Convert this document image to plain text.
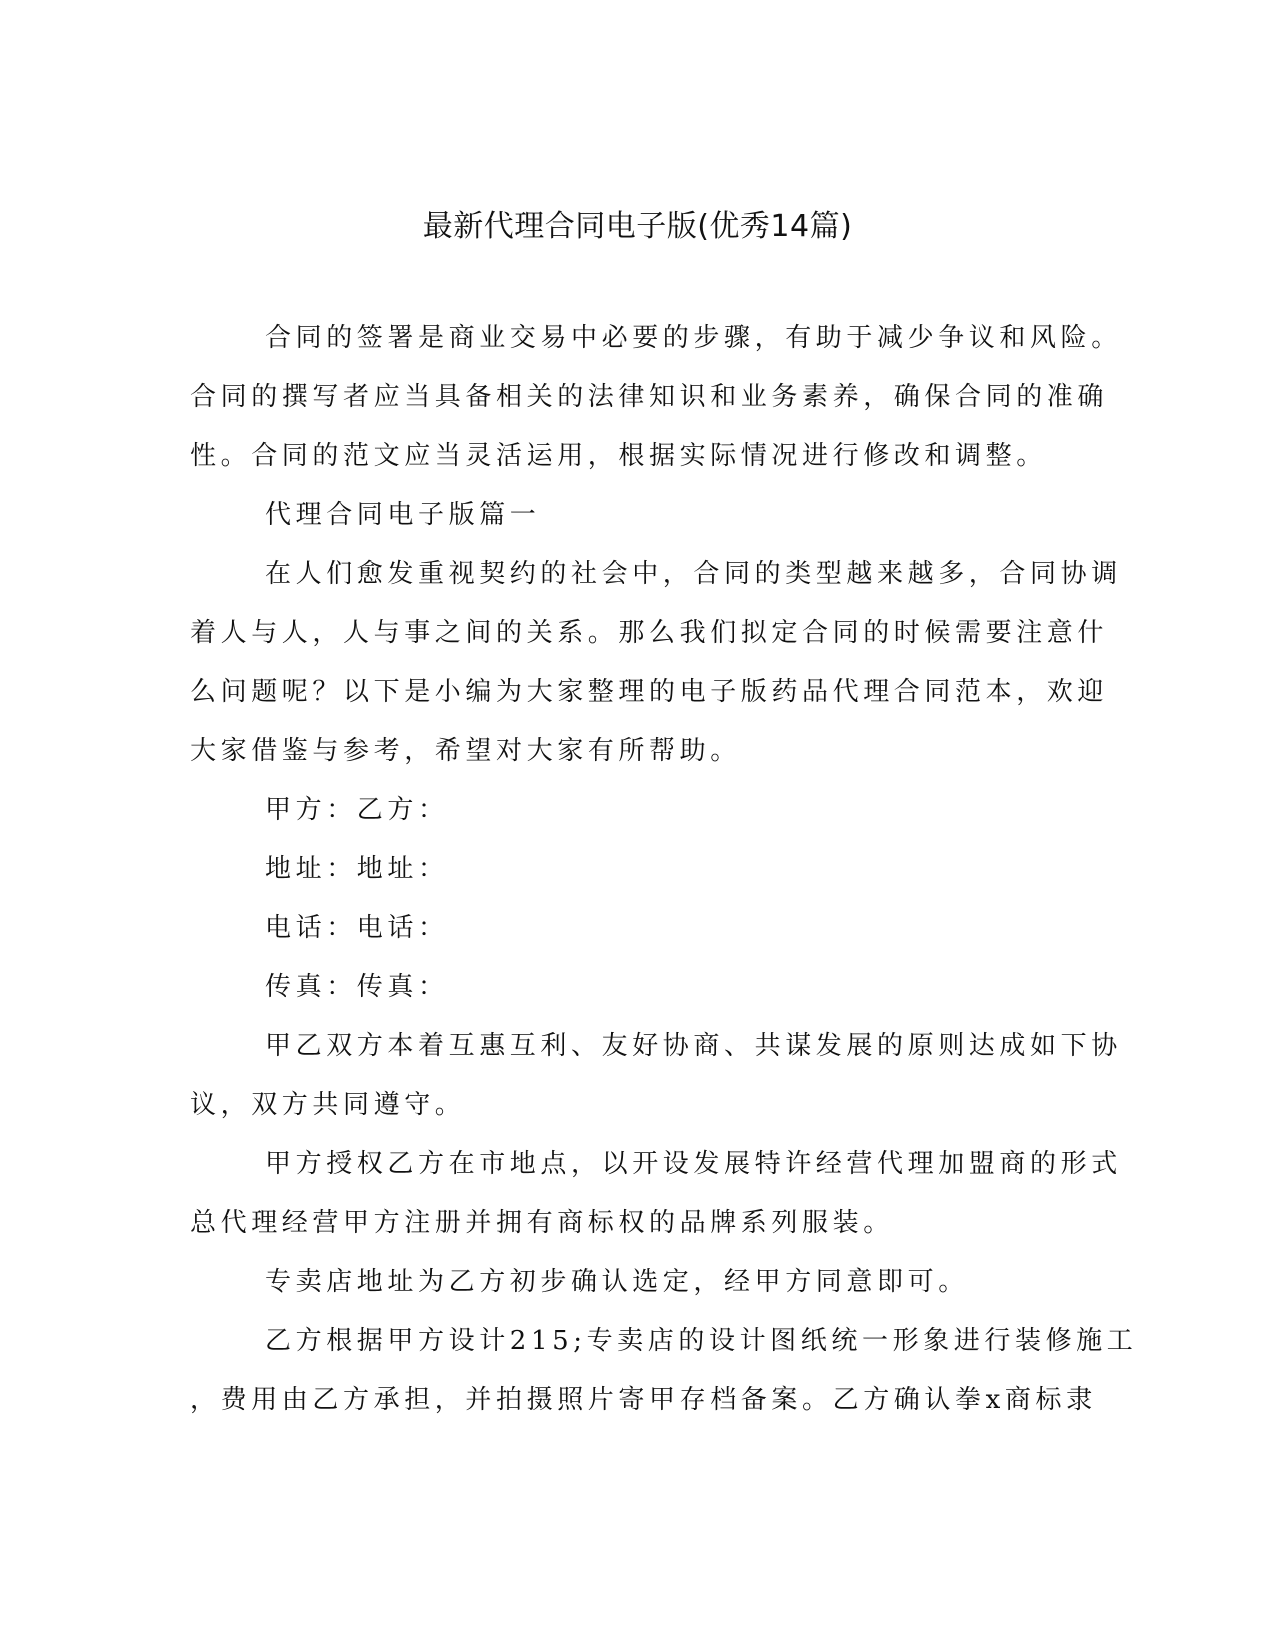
最新代理合同电子版(优秀14篇)
合同的签署是商业交易中必要的步骤，有助于减少争议和风险。
合同的撰写者应当具备相关的法律知识和业务素养，确保合同的准确
性。合同的范文应当灵活运用，根据实际情况进行修改和调整。
代理合同电子版篇一
在人们愈发重视契约的社会中，合同的类型越来越多，合同协调
着人与人，人与事之间的关系。那么我们拟定合同的时候需要注意什
么问题呢？以下是小编为大家整理的电子版药品代理合同范本，欢迎
大家借鉴与参考，希望对大家有所帮助。
甲方：乙方：
地址：地址：
电话：电话：
传真：传真：
甲乙双方本着互惠互利、友好协商、共谋发展的原则达成如下协
议，双方共同遵守。
甲方授权乙方在市地点，以开设发展特许经营代理加盟商的形式
总代理经营甲方注册并拥有商标权的品牌系列服装。
专卖店地址为乙方初步确认选定，经甲方同意即可。
乙方根据甲方设计215;专卖店的设计图纸统一形象进行装修施工
，费用由乙方承担，并拍摄照片寄甲存档备案。乙方确认拳x商标隶
